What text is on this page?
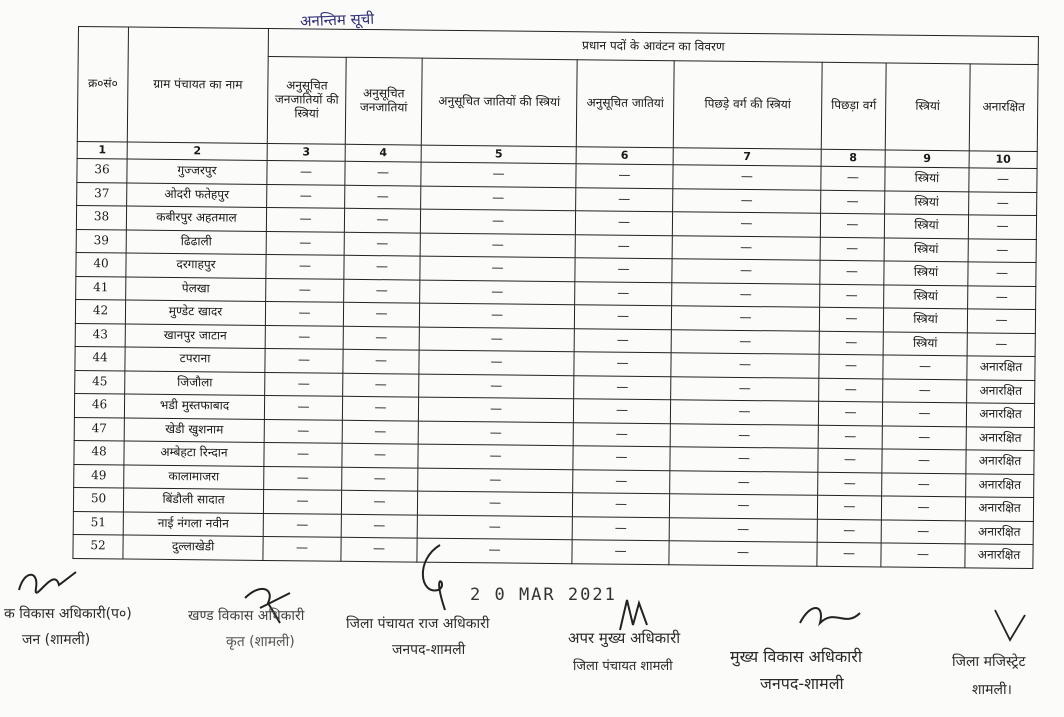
अनन्तिम सूची
क्र०सं०	ग्राम पंचायत का नाम	प्रधान पदों के आवंटन का विवरण							
		अनुसूचित जनजातियों की स्त्रियां	अनुसूचित जनजातियां	अनुसूचित जातियों की स्त्रियां	अनुसूचित जातियां	पिछड़े वर्ग की स्त्रियां	पिछड़ा वर्ग	स्त्रियां	अनारक्षित
1	2	3	4	5	6	7	8	9	10
36	गुज्जरपुर	—	—	—	—	—	—	स्त्रियां	—
37	ओदरी फतेहपुर	—	—	—	—	—	—	स्त्रियां	—
38	कबीरपुर अहतमाल	—	—	—	—	—	—	स्त्रियां	—
39	ढिढाली	—	—	—	—	—	—	स्त्रियां	—
40	दरगाहपुर	—	—	—	—	—	—	स्त्रियां	—
41	पेलखा	—	—	—	—	—	—	स्त्रियां	—
42	मुण्डेट खादर	—	—	—	—	—	—	स्त्रियां	—
43	खानपुर जाटान	—	—	—	—	—	—	स्त्रियां	—
44	टपराना	—	—	—	—	—	—	—	अनारक्षित
45	जिजौला	—	—	—	—	—	—	—	अनारक्षित
46	भडी मुस्तफाबाद	—	—	—	—	—	—	—	अनारक्षित
47	खेडी खुशनाम	—	—	—	—	—	—	—	अनारक्षित
48	अम्बेहटा रिन्दान	—	—	—	—	—	—	—	अनारक्षित
49	कालामाजरा	—	—	—	—	—	—	—	अनारक्षित
50	बिंडौली सादात	—	—	—	—	—	—	—	अनारक्षित
51	नाई नंगला नवीन	—	—	—	—	—	—	—	अनारक्षित
52	दुल्लाखेडी	—	—	—	—	—	—	—	अनारक्षित
2 0 MAR 2021
क विकास अधिकारी(प०)
जन (शामली)
खण्ड विकास अधिकारी
कृत (शामली)
जिला पंचायत राज अधिकारी
जनपद-शामली
अपर मुख्य अधिकारी
जिला पंचायत शामली
मुख्य विकास अधिकारी
जनपद-शामली
जिला मजिस्ट्रेट
शामली।
